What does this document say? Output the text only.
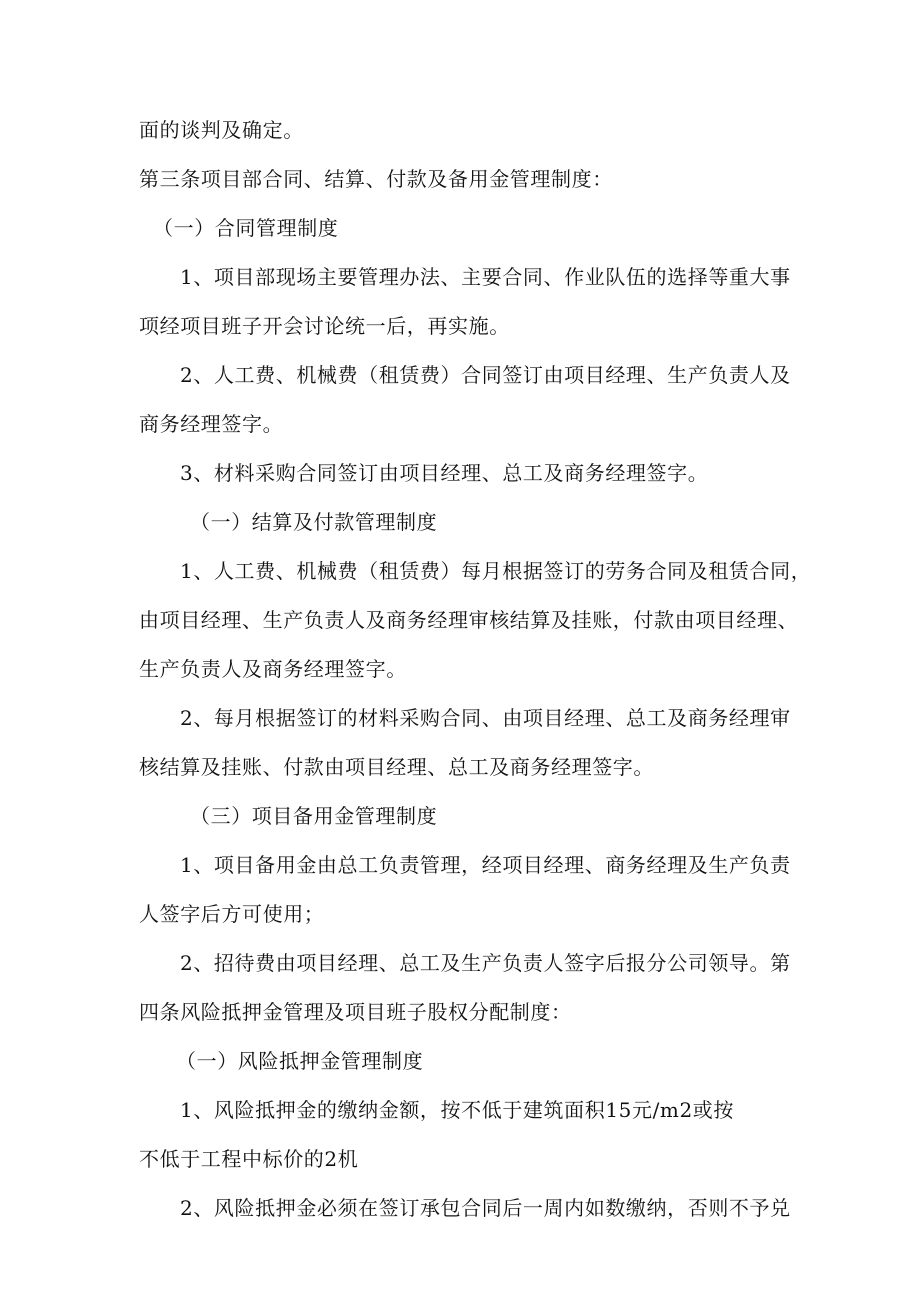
面的谈判及确定。
第三条项目部合同、结算、付款及备用金管理制度：
（一）合同管理制度
1、项目部现场主要管理办法、主要合同、作业队伍的选择等重大事
项经项目班子开会讨论统一后，再实施。
2、人工费、机械费（租赁费）合同签订由项目经理、生产负责人及
商务经理签字。
3、材料采购合同签订由项目经理、总工及商务经理签字。
（一）结算及付款管理制度
1、人工费、机械费（租赁费）每月根据签订的劳务合同及租赁合同，
由项目经理、生产负责人及商务经理审核结算及挂账，付款由项目经理、
生产负责人及商务经理签字。
2、每月根据签订的材料采购合同、由项目经理、总工及商务经理审
核结算及挂账、付款由项目经理、总工及商务经理签字。
（三）项目备用金管理制度
1、项目备用金由总工负责管理，经项目经理、商务经理及生产负责
人签字后方可使用；
2、招待费由项目经理、总工及生产负责人签字后报分公司领导。第
四条风险抵押金管理及项目班子股权分配制度：
（一）风险抵押金管理制度
1、风险抵押金的缴纳金额，按不低于建筑面积15元/m2或按
不低于工程中标价的2机
2、风险抵押金必须在签订承包合同后一周内如数缴纳，否则不予兑
